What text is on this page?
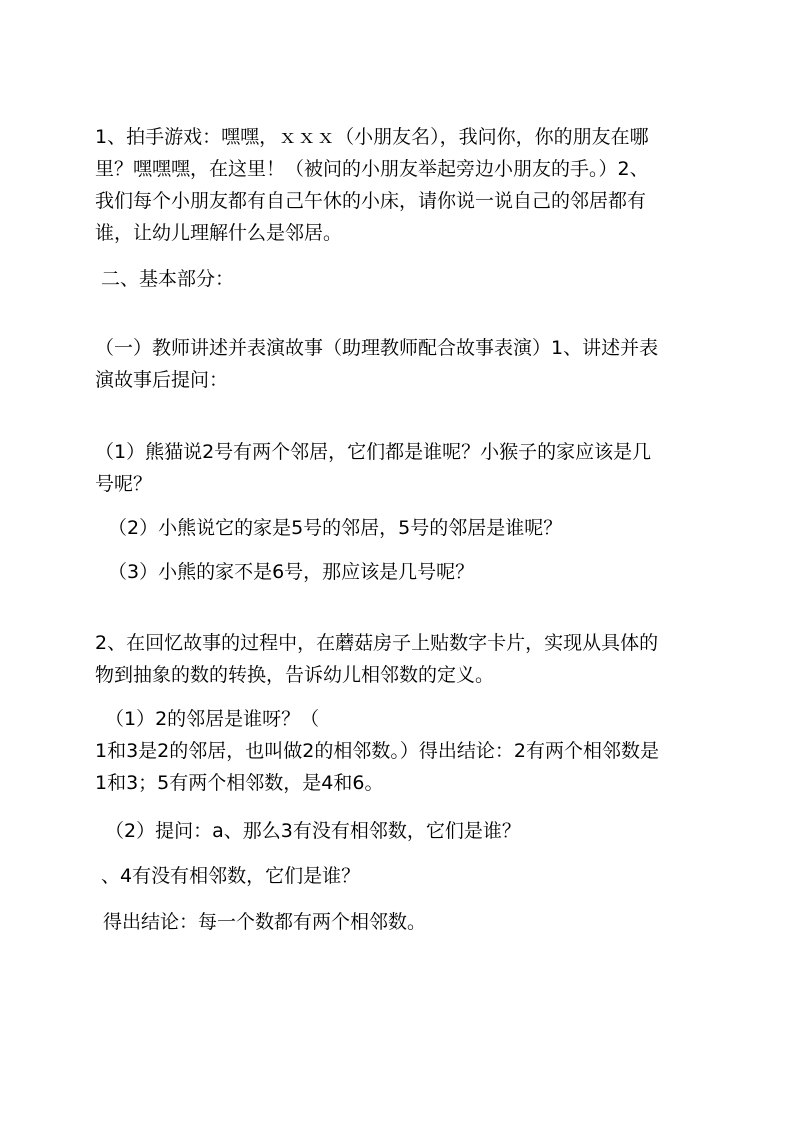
1、拍手游戏：嘿嘿，ｘｘｘ（小朋友名），我问你，你的朋友在哪
里？嘿嘿嘿，在这里！（被问的小朋友举起旁边小朋友的手。）2、
我们每个小朋友都有自己午休的小床，请你说一说自己的邻居都有
谁，让幼儿理解什么是邻居。
二、基本部分：
（一）教师讲述并表演故事（助理教师配合故事表演）1、讲述并表
演故事后提问：
（1）熊猫说2号有两个邻居，它们都是谁呢？小猴子的家应该是几
号呢？
（2）小熊说它的家是5号的邻居，5号的邻居是谁呢？
（3）小熊的家不是6号，那应该是几号呢？
2、在回忆故事的过程中，在蘑菇房子上贴数字卡片，实现从具体的
物到抽象的数的转换，告诉幼儿相邻数的定义。
（1）2的邻居是谁呀？（
1和3是2的邻居，也叫做2的相邻数。）得出结论：2有两个相邻数是
1和3；5有两个相邻数，是4和6。
（2）提问：a、那么3有没有相邻数，它们是谁？
、4有没有相邻数，它们是谁？
得出结论：每一个数都有两个相邻数。
